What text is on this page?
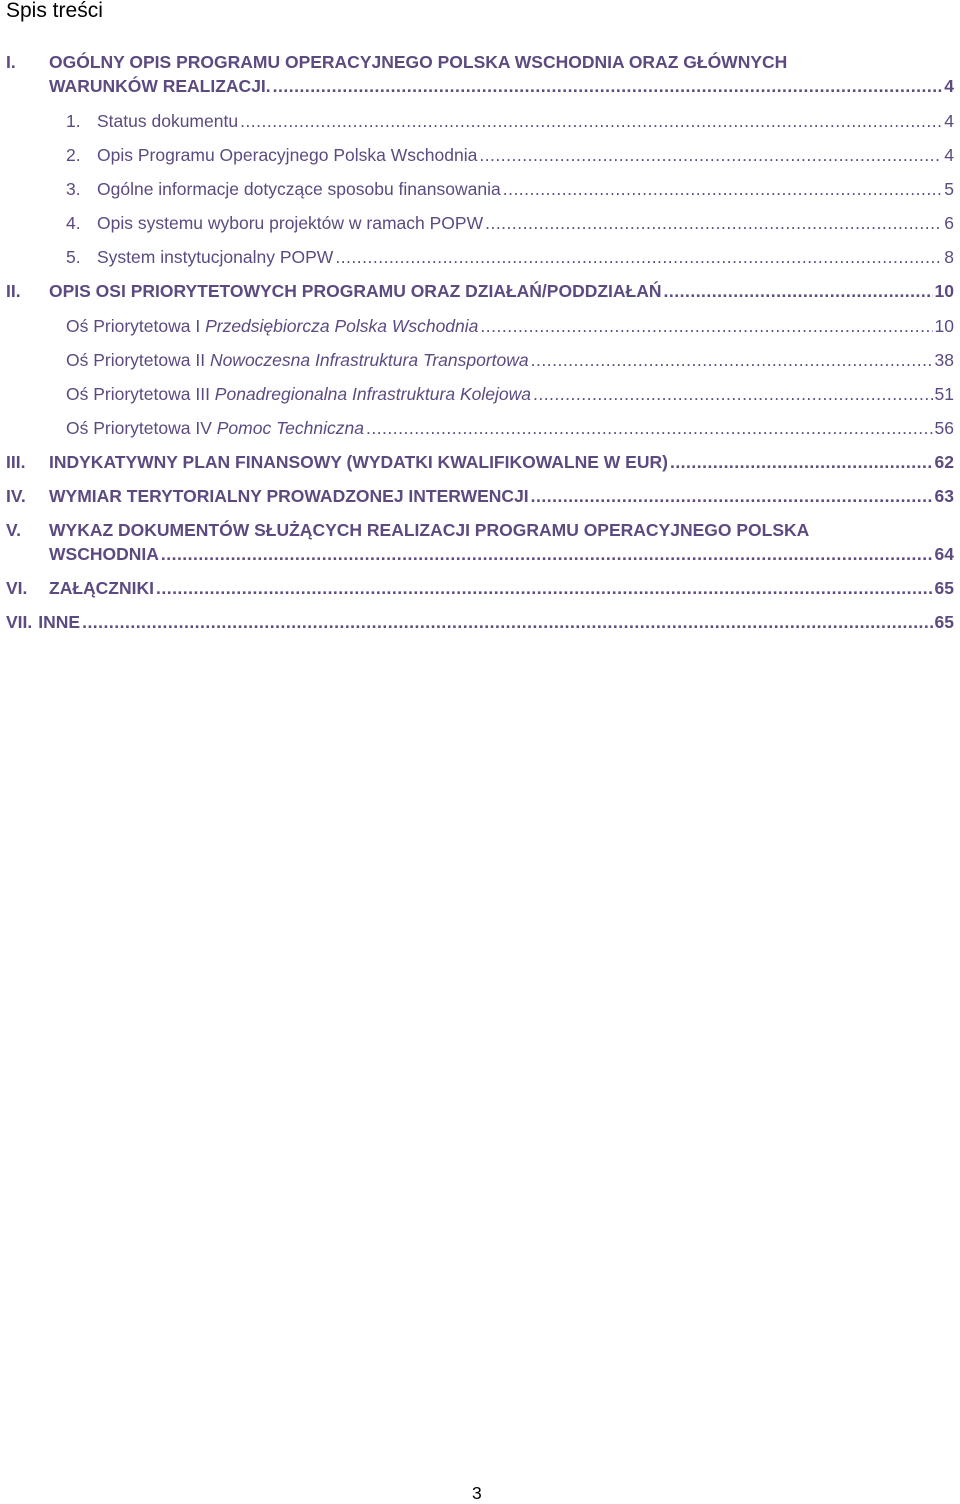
Spis treści
I.	OGÓLNY OPIS PROGRAMU OPERACYJNEGO POLSKA WSCHODNIA ORAZ GŁÓWNYCH
WARUNKÓW REALIZACJI. .....	4
1. Status dokumentu .....	4
2. Opis Programu Operacyjnego Polska Wschodnia .....	4
3. Ogólne informacje dotyczące sposobu finansowania .....	5
4. Opis systemu wyboru projektów w ramach POPW .....	6
5. System instytucjonalny POPW .....	8
II.	OPIS OSI PRIORYTETOWYCH PROGRAMU ORAZ DZIAŁAŃ/PODDZIAŁAŃ .....	10
Oś Priorytetowa I Przedsiębiorcza Polska Wschodnia .....	10
Oś Priorytetowa II Nowoczesna Infrastruktura Transportowa .....	38
Oś Priorytetowa III Ponadregionalna Infrastruktura Kolejowa .....	51
Oś Priorytetowa IV Pomoc Techniczna .....	56
III.	INDYKATYWNY PLAN FINANSOWY (WYDATKI KWALIFIKOWALNE W EUR) .....	62
IV.	WYMIAR TERYTORIALNY PROWADZONEJ INTERWENCJI .....	63
V.	WYKAZ DOKUMENTÓW SŁUŻĄCYCH REALIZACJI PROGRAMU OPERACYJNEGO POLSKA
WSCHODNIA .....	64
VI.	ZAŁĄCZNIKI .....	65
VII. INNE .....	65
3
